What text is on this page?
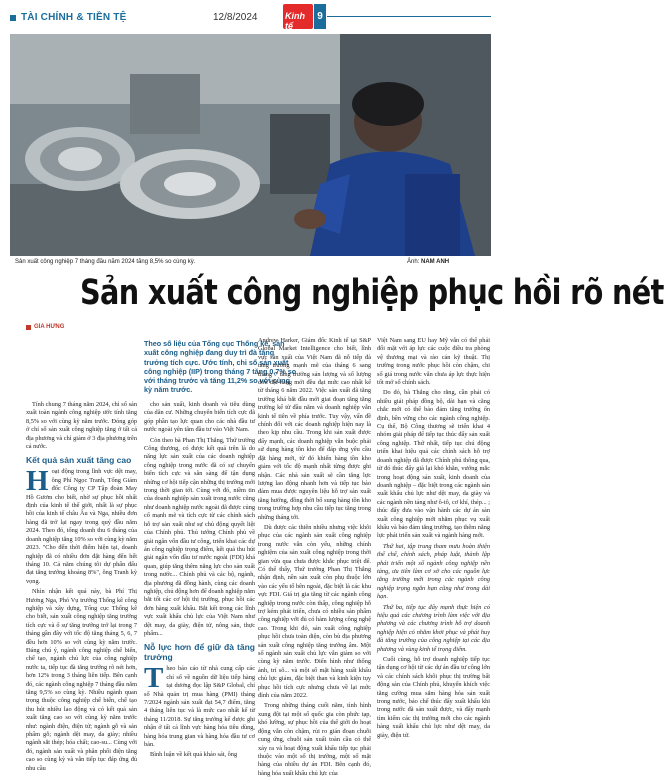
TÀI CHÍNH & TIỀN TỆ	12/8/2024	Kinh tế
9
Sản xuất công nghiệp 7 tháng đầu năm 2024 tăng 8,5% so cùng kỳ.	Ảnh: NAM ANH
Sản xuất công nghiệp phục hồi rõ nét
GIA HƯNG
Theo số liệu của Tổng cục Thống kê, sản xuất công nghiệp đang duy trì đà tăng trưởng tích cực. Ước tính, chỉ số sản xuất công nghiệp (IIP) trong tháng 7 tăng 0,7% so với tháng trước và tăng 11,2% so với cùng kỳ năm trước.

Tính chung 7 tháng năm 2024, chỉ số sản xuất toàn ngành công nghiệp ước tính tăng 8,5% so với cùng kỳ năm trước. Đóng góp ở chỉ số sản xuất công nghiệp tăng ở tất cả địa phương và chỉ giảm ở 3 địa phương trên cả nước.

Kết quả sản xuất tăng cao

Hoạt động trong lĩnh vực dệt may, ông Phí Ngọc Tranh, Tổng Giám đốc Công ty CP Tập đoàn May Hồ Gươm cho biết, nhờ sự phục hồi nhất định của kinh tế thế giới, nhất là sự phục hồi của kinh tế châu Âu và Nga, nhiều đơn hàng đã trở lại ngay trong quý đầu năm 2024. Theo đó, tổng doanh thu 6 tháng của doanh nghiệp tăng 10% so với cùng kỳ năm 2023. "Cho đến thời điểm hiện tại, doanh nghiệp đã có nhiều đơn đặt hàng đến hết tháng 10. Cả năm chúng tôi dự phấn đấu đạt tăng trưởng khoảng 8%", ông Tranh kỳ vọng.

Nhìn nhận kết quả này, bà Phí Thị Hương Nga, Phó Vụ trưởng Thống kê công nghiệp và xây dựng, Tổng cục Thống kê cho biết, sản xuất công nghiệp tăng trưởng tích cực và ổ sự tăng trưởng trở lại trong 7 tháng gần đây với tốc độ tăng tháng 5, 6, 7 đều hơn 10% so với cùng kỳ năm trước. Đáng chú ý, ngành công nghiệp chế biến, chế tạo, ngành chủ lực của công nghiệp nước ta, tiếp tục đà tăng trưởng rõ nét hơn, hơn 12% trong 3 tháng liên tiếp. Bên cạnh đó, các ngành công nghiệp 7 tháng đầu năm tăng 9,5% so cùng kỳ. Nhiều ngành quan trọng thuộc công nghiệp chế biến, chế tạo thu hút nhiều lao động và có kết quả sản xuất tăng cao so với cùng kỳ năm trước như: ngành điện, điện tử; ngành gỗ và sản phẩm gỗ; ngành dệt may, da giày; nhiều ngành sắt thép; hóa chất; cao-su... Cùng với đó, ngành sản xuất và phân phối điện tăng cao so cùng kỳ và vẫn tiếp tục đáp ứng đủ nhu cầu

cho sản xuất, kinh doanh và tiêu dùng của dân cư. Những chuyển biến tích cực đã góp phần tạo lực quan cho các nhà đầu tư nước ngoài yên tâm đầu tư vào Việt Nam.

Còn theo bà Phan Thị Thắng, Thứ trưởng Công thương, có được kết quả trên là do năng lực sản xuất của các doanh nghiệp công nghiệp trong nước đã có sự chuyển biến tích cực và sẵn sàng để tận dụng những cơ hội tiếp cận những thị trường mới trong thời gian tới. Cùng với đó, niềm tin của doanh nghiệp sản xuất trong nước cũng như doanh nghiệp nước ngoài đã được củng cố mạnh mẽ và tích cực từ các chính sách hỗ trợ sản xuất như sự chủ động quyết liệt của Chính phủ. Thủ tướng Chính phủ về giải ngân vốn đầu tư công, triển khai các dự án công nghiệp trọng điểm, kết quả thu hút giải ngân vốn đầu tư nước ngoài (FDI) khá quan, giúp tăng thêm năng lực cho sản xuất trong nước... Chính phủ và các bộ, ngành, địa phương đã đồng hành, cùng các doanh nghiệp, chủ động hơn để doanh nghiệp nắm bắt tốt các cơ hội thị trường, phục hồi các đơn hàng xuất khẩu. Bắt kết trong các lĩnh vực xuất khẩu chủ lực của Việt Nam như dệt may, da giày, điện tử, nông sản, thực phẩm...

Nỗ lực hơn để giữ đà tăng trưởng

Theo báo cáo từ nhà cung cấp các chỉ số về nguồn dữ liệu tiếp hàng tại dương đọc lập S&P Global, chỉ số Nhà quản trị mua hàng (PMI) tháng 7/2024 ngành sản xuất đạt 54,7 điểm, tăng 4 tháng liên tục và là mức cao nhất kể từ tháng 11/2018. Sự tăng trưởng kể được ghi nhận ở tất cả lĩnh vực hàng hóa tiêu dùng, hàng hóa trung gian và hàng hóa đầu tư cơ bản.

Bình luận về kết quả khảo sát, ông

Andrew Harker, Giám đốc Kinh tế tại S&P Global Market Intelligence cho biết, lĩnh vực sản xuất của Việt Nam đã nỗ tiếp đà tăng trưởng mạnh mẽ của tháng 6 sang tháng 7 tăng trưởng sản lượng và số lượng đơn đặt hàng mới đều đạt mức cao nhất kể từ tháng 6 năm 2022. Việc sản xuất đã tăng trưởng khá bắt đầu mới giai đoạn tăng tăng trưởng kể từ đầu năm và doanh nghiệp vẫn kinh tế tiên về phía trước. Tuy vậy, vấn đề chính đối với các doanh nghiệp hiện nay là theo kịp nhu cầu. Trong khi sản xuất được đẩy mạnh, các doanh nghiệp vẫn buộc phải sử dụng hàng tồn kho để đáp ứng yêu cầu đặt hàng mới, từ đó khiến hàng tồn kho giảm với tốc độ mạnh nhất từng được ghi nhận. Các nhà sản xuất sẽ cần tăng lực lượng lao động nhanh hơn và tiếp tục bảo đảm mua được nguyên liệu hỗ trợ sản xuất tăng hướng, đồng thời bổ sung hàng tồn kho trong trường hợp nhu cầu tiếp tục tăng trong những tháng tới.

Dù được các thiên nhiều nhưng việc khôi phục của các ngành sản xuất công nghiệp trong nước vẫn còn yếu, những chính nghiệm của sản xuất công nghiệp trong thời gian vừa qua chưa được khắc phục triệt để. Có thể thấy, Thứ trưởng Phan Thị Thắng nhận định, nền sản xuất còn phụ thuộc lớn vào các yếu tố bên ngoài, đặc biệt là các khu vực FDI. Giá trị gia tăng từ các ngành công nghiệp trong nước còn thấp, công nghiệp hỗ trợ kém phát triển, chưa có nhiều sản phẩm công nghiệp với đủ có hàm lượng công nghệ cao. Trong khi đó, sản xuất công nghiệp phục hồi chưa toàn diện, còn bù địa phương sản xuất công nghiệp tăng trưởng âm. Một số ngành sản xuất chủ lực vẫn giảm so với cùng kỳ năm trước. Điển hình như thống ảnh, trí sô... và một số mặt hàng xuất khẩu chủ lực giảm, đặc biệt than và kinh kiện tụy phục hồi tích cực nhưng chưa về lại mức đỉnh của năm 2022.

Trong những tháng cuối năm, tình hình xung đột tại một số quốc gia còn phức tạp, khó lường, sự phục hồi của thế giới do hoạt động vẫn còn chậm, rủi ro gián đoạn chuỗi cung ứng, chuỗi sản xuất toàn cầu có thể xảy ra và hoạt động xuất khẩu tiếp tục phải thuộc vào một số thị trường, một số mặt hàng của nhiều dự án FDI. Bên cạnh đó, hàng hóa xuất khẩu chủ lực của

Việt Nam sang EU hay Mỹ vẫn có thể phải đối mặt với áp lực các cuộc điều tra phòng vệ thương mại và rào cản kỹ thuật. Thị trường trong nước phục hồi còn chậm, chi số giá trong nước vẫn chưa áp lực thực hiện tốt mở số chính sách.

Do đó, bà Thắng cho rằng, cần phải có nhiều giải pháp đồng bộ, dài hạn và căng chắc mới có thể bảo đảm tăng trưởng ổn định, bền vững cho các ngành công nghiệp. Cụ thể, Bộ Công thương sẽ triển khai 4 nhóm giải pháp để tiếp tục thúc đẩy sản xuất công nghiệp. Thứ nhất, tiếp tục chú động triển khai hiệu quả các chính sách hỗ trợ doanh nghiệp đã được Chính phủ thông qua, từ đó thúc đẩy giả lại khó khăn, vướng mắc trong hoạt động sản xuất, kinh doanh của doanh nghiệp – đặc biệt trong các ngành sản xuất khẩu chủ lực như dệt may, da giày và các ngành nền tảng như ô-tô, cơ khí, thép... ; thúc đẩy đưa vào vận hành các dự án sản xuất công nghiệp mới nhằm phục vụ xuất khẩu và bảo đảm tăng trưởng, tạo thêm năng lực phát triển sản xuất và ngành hàng mới.

Thứ hai, tập trung tham mưu hoàn thiện thể chế, chính sách, pháp luật, thành lập phát triển một số ngành công nghiệp nền tảng, ưu tiên làm cơ sở cho các nguồn lực tăng trưởng mới trong các ngành công nghiệp trọng ngắn hạn cũng như trong dài hạn.

Thứ ba, tiếp tục đẩy mạnh thực hiện có hiệu quả các chương trình làm việc với địa phương và các chương trình hỗ trợ doanh nghiệp hiện có nhằm khơi phục và phát huy đà tăng trưởng của công nghiệp tại các địa phương và vùng kinh tế trọng điểm.

Cuối cùng, hỗ trợ doanh nghiệp tiếp tục tận dụng cơ hội từ các dự án đầu tư công lớn và các chính sách khôi phục thị trường bất động sản của Chính phủ, khuyến khích việc tăng cường mua sắm hàng hóa sản xuất trong nước, bảo chế thúc đẩy xuất khẩu khi trong nước đã sản xuất được, và đẩy mạnh tìm kiếm các thị trường mới cho các ngành hàng xuất khẩu chủ lực như dệt may, da giày, điện tử.
